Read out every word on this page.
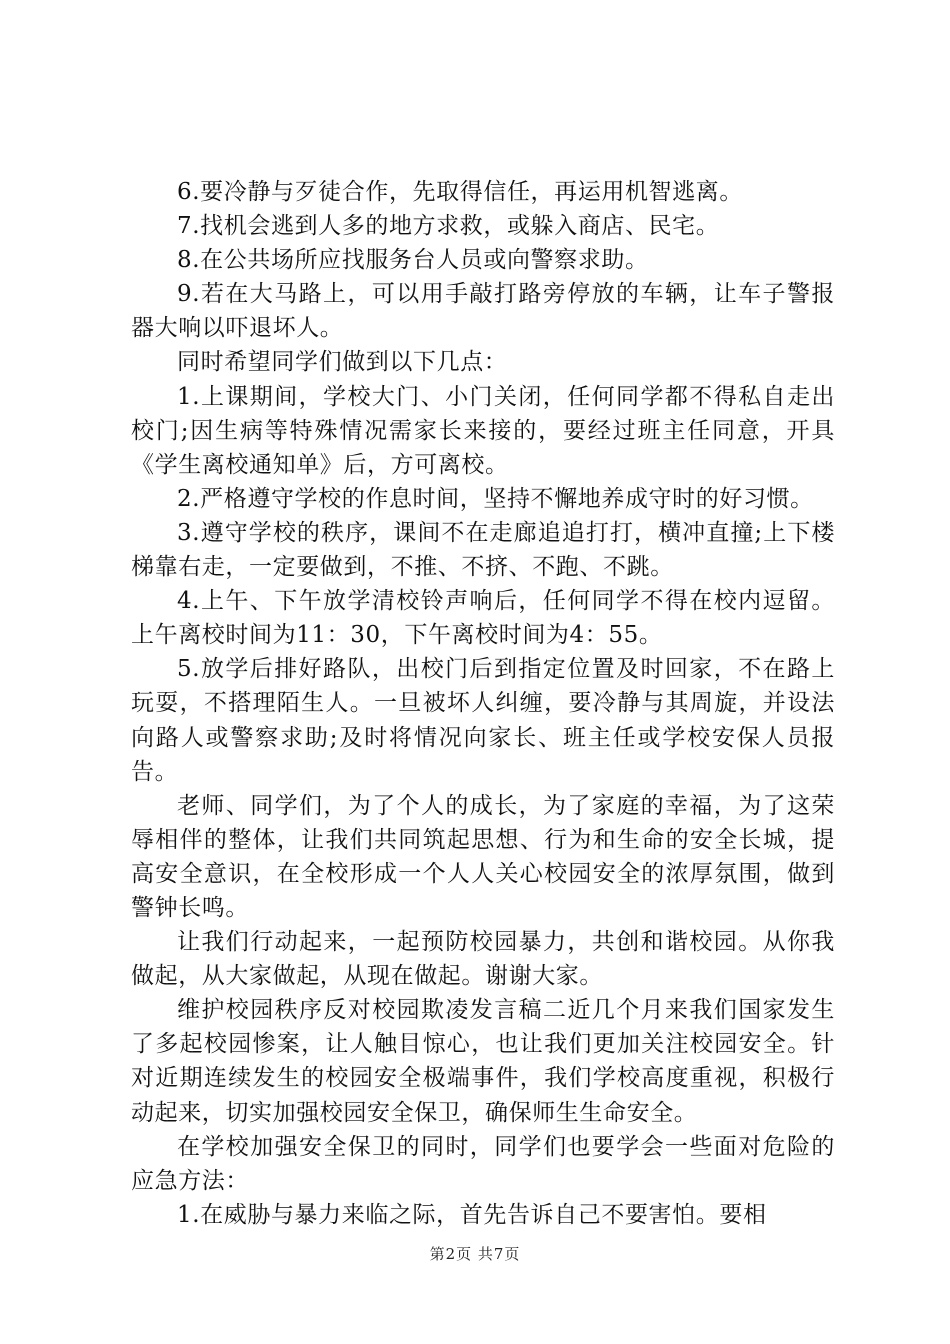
6.要冷静与歹徒合作，先取得信任，再运用机智逃离。

7.找机会逃到人多的地方求救，或躲入商店、民宅。

8.在公共场所应找服务台人员或向警察求助。

9.若在大马路上，可以用手敲打路旁停放的车辆，让车子警报器大响以吓退坏人。

同时希望同学们做到以下几点：

1.上课期间，学校大门、小门关闭，任何同学都不得私自走出校门;因生病等特殊情况需家长来接的，要经过班主任同意，开具《学生离校通知单》后，方可离校。

2.严格遵守学校的作息时间，坚持不懈地养成守时的好习惯。

3.遵守学校的秩序，课间不在走廊追追打打，横冲直撞;上下楼梯靠右走，一定要做到，不推、不挤、不跑、不跳。

4.上午、下午放学清校铃声响后，任何同学不得在校内逗留。上午离校时间为11：30，下午离校时间为4：55。

5.放学后排好路队，出校门后到指定位置及时回家，不在路上玩耍，不搭理陌生人。一旦被坏人纠缠，要冷静与其周旋，并设法向路人或警察求助;及时将情况向家长、班主任或学校安保人员报告。

老师、同学们，为了个人的成长，为了家庭的幸福，为了这荣辱相伴的整体，让我们共同筑起思想、行为和生命的安全长城，提高安全意识，在全校形成一个人人关心校园安全的浓厚氛围，做到警钟长鸣。

让我们行动起来，一起预防校园暴力，共创和谐校园。从你我做起，从大家做起，从现在做起。谢谢大家。

维护校园秩序反对校园欺凌发言稿二近几个月来我们国家发生了多起校园惨案，让人触目惊心，也让我们更加关注校园安全。针对近期连续发生的校园安全极端事件，我们学校高度重视，积极行动起来，切实加强校园安全保卫，确保师生生命安全。

在学校加强安全保卫的同时，同学们也要学会一些面对危险的应急方法：

1.在威胁与暴力来临之际，首先告诉自己不要害怕。要相

第2页 共7页
